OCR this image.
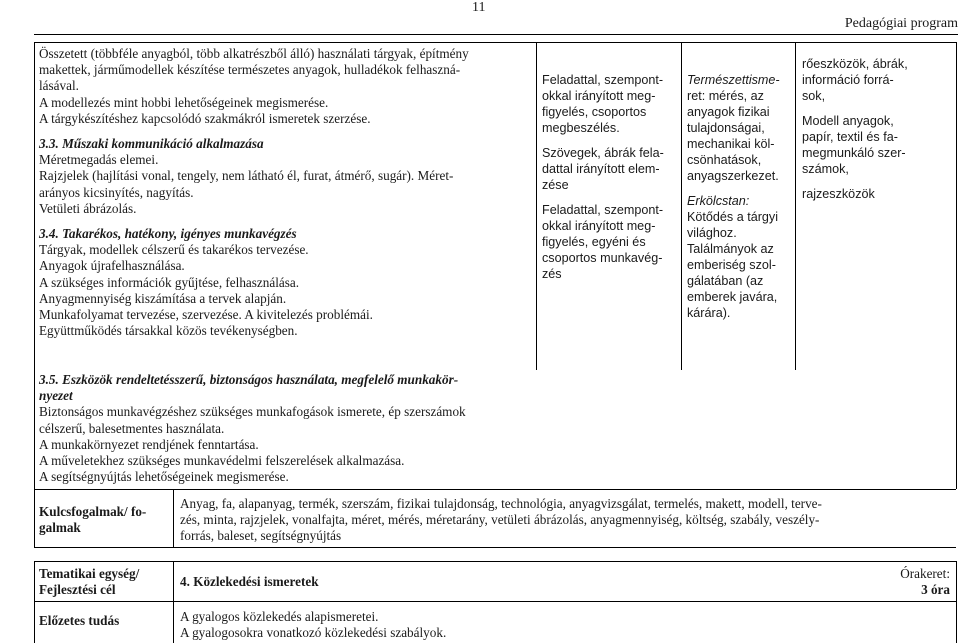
11
Pedagógiai program
Összetett (többféle anyagból, több alkatrészből álló) használati tárgyak, építmény
makettek, járműmodellek készítése természetes anyagok, hulladékok felhaszná-
lásával.
A modellezés mint hobbi lehetőségeinek megismerése.
A tárgykészítéshez kapcsolódó szakmákról ismeretek szerzése.
3.3. Műszaki kommunikáció alkalmazása
Méretmegadás elemei.
Rajzjelek (hajlítási vonal, tengely, nem látható él, furat, átmérő, sugár). Méret-
arányos kicsinyítés, nagyítás.
Vetületi ábrázolás.
3.4. Takarékos, hatékony, igényes munkavégzés
Tárgyak, modellek célszerű és takarékos tervezése.
Anyagok újrafelhasználása.
A szükséges információk gyűjtése, felhasználása.
Anyagmennyiség kiszámítása a tervek alapján.
Munkafolyamat tervezése, szervezése. A kivitelezés problémái.
Együttműködés társakkal közös tevékenységben.
3.5. Eszközök rendeltetésszerű, biztonságos használata, megfelelő munkakör-
nyezet
Biztonságos munkavégzéshez szükséges munkafogások ismerete, ép szerszámok
célszerű, balesetmentes használata.
A munkakörnyezet rendjének fenntartása.
A műveletekhez szükséges munkavédelmi felszerelések alkalmazása.
A segítségnyújtás lehetőségeinek megismerése.
Feladattal, szempont-
okkal irányított meg-
figyelés, csoportos
megbeszélés.
Szövegek, ábrák fela-
dattal irányított elem-
zése
Feladattal, szempont-
okkal irányított meg-
figyelés, egyéni és
csoportos munkavég-
zés
Természettisme-
ret: mérés, az
anyagok fizikai
tulajdonságai,
mechanikai köl-
csönhatások,
anyagszerkezet.
Erkölcstan:
Kötődés a tárgyi
világhoz.
Találmányok az
emberiség szol-
gálatában (az
emberek javára,
kárára).
rőeszközök, ábrák,
információ forrá-
sok,
Modell anyagok,
papír, textil és fa-
megmunkáló szer-
számok,
rajzeszközök
Kulcsfogalmak/ fo-
galmak
Anyag, fa, alapanyag, termék, szerszám, fizikai tulajdonság, technológia, anyagvizsgálat, termelés, makett, modell, terve-
zés, minta, rajzjelek, vonalfajta, méret, mérés, méretarány, vetületi ábrázolás, anyagmennyiség, költség, szabály, veszély-
forrás, baleset, segítségnyújtás
Tematikai egység/
Fejlesztési cél
4. Közlekedési ismeretek
Órakeret:
3 óra
Előzetes tudás	A gyalogos közlekedés alapismeretei.
A gyalogosokra vonatkozó közlekedési szabályok.
